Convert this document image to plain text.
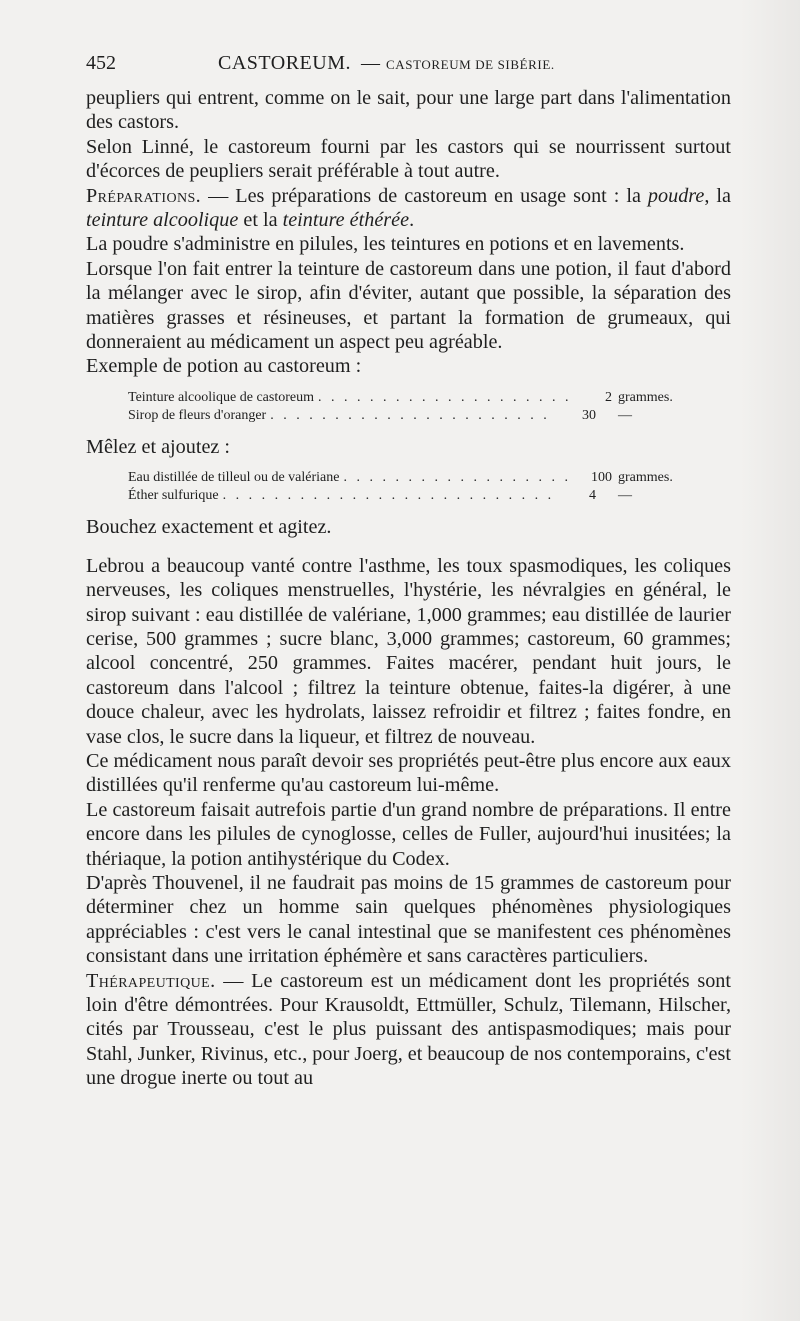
452	CASTOREUM. — CASTOREUM DE SIBÉRIE.

peupliers qui entrent, comme on le sait, pour une large part dans l'alimentation des castors.

Selon Linné, le castoreum fourni par les castors qui se nourrissent surtout d'écorces de peupliers serait préférable à tout autre.

Préparations. — Les préparations de castoreum en usage sont : la poudre, la teinture alcoolique et la teinture éthérée.

La poudre s'administre en pilules, les teintures en potions et en lavements.

Lorsque l'on fait entrer la teinture de castoreum dans une potion, il faut d'abord la mélanger avec le sirop, afin d'éviter, autant que possible, la séparation des matières grasses et résineuses, et partant la formation de grumeaux, qui donneraient au médicament un aspect peu agréable.

Exemple de potion au castoreum :

Teinture alcoolique de castoreum . . .	2 grammes.
Sirop de fleurs d'oranger . . .	30	—

Mêlez et ajoutez :

Eau distillée de tilleul ou de valériane . . .	100 grammes.
Éther sulfurique . . .	4	—

Bouchez exactement et agitez.

Lebrou a beaucoup vanté contre l'asthme, les toux spasmodiques, les coliques nerveuses, les coliques menstruelles, l'hystérie, les névralgies en général, le sirop suivant : eau distillée de valériane, 1,000 grammes; eau distillée de laurier cerise, 500 grammes ; sucre blanc, 3,000 grammes; castoreum, 60 grammes; alcool concentré, 250 grammes. Faites macérer, pendant huit jours, le castoreum dans l'alcool ; filtrez la teinture obtenue, faites-la digérer, à une douce chaleur, avec les hydrolats, laissez refroidir et filtrez ; faites fondre, en vase clos, le sucre dans la liqueur, et filtrez de nouveau.

Ce médicament nous paraît devoir ses propriétés peut-être plus encore aux eaux distillées qu'il renferme qu'au castoreum lui-même.

Le castoreum faisait autrefois partie d'un grand nombre de préparations. Il entre encore dans les pilules de cynoglosse, celles de Fuller, aujourd'hui inusitées; la thériaque, la potion antihystérique du Codex.

D'après Thouvenel, il ne faudrait pas moins de 15 grammes de castoreum pour déterminer chez un homme sain quelques phénomènes physiologiques appréciables : c'est vers le canal intestinal que se manifestent ces phénomènes consistant dans une irritation éphémère et sans caractères particuliers.

Thérapeutique. — Le castoreum est un médicament dont les propriétés sont loin d'être démontrées. Pour Krausoldt, Ettmüller, Schulz, Tilemann, Hilscher, cités par Trousseau, c'est le plus puissant des antispasmodiques; mais pour Stahl, Junker, Rivinus, etc., pour Joerg, et beaucoup de nos contemporains, c'est une drogue inerte ou tout au
